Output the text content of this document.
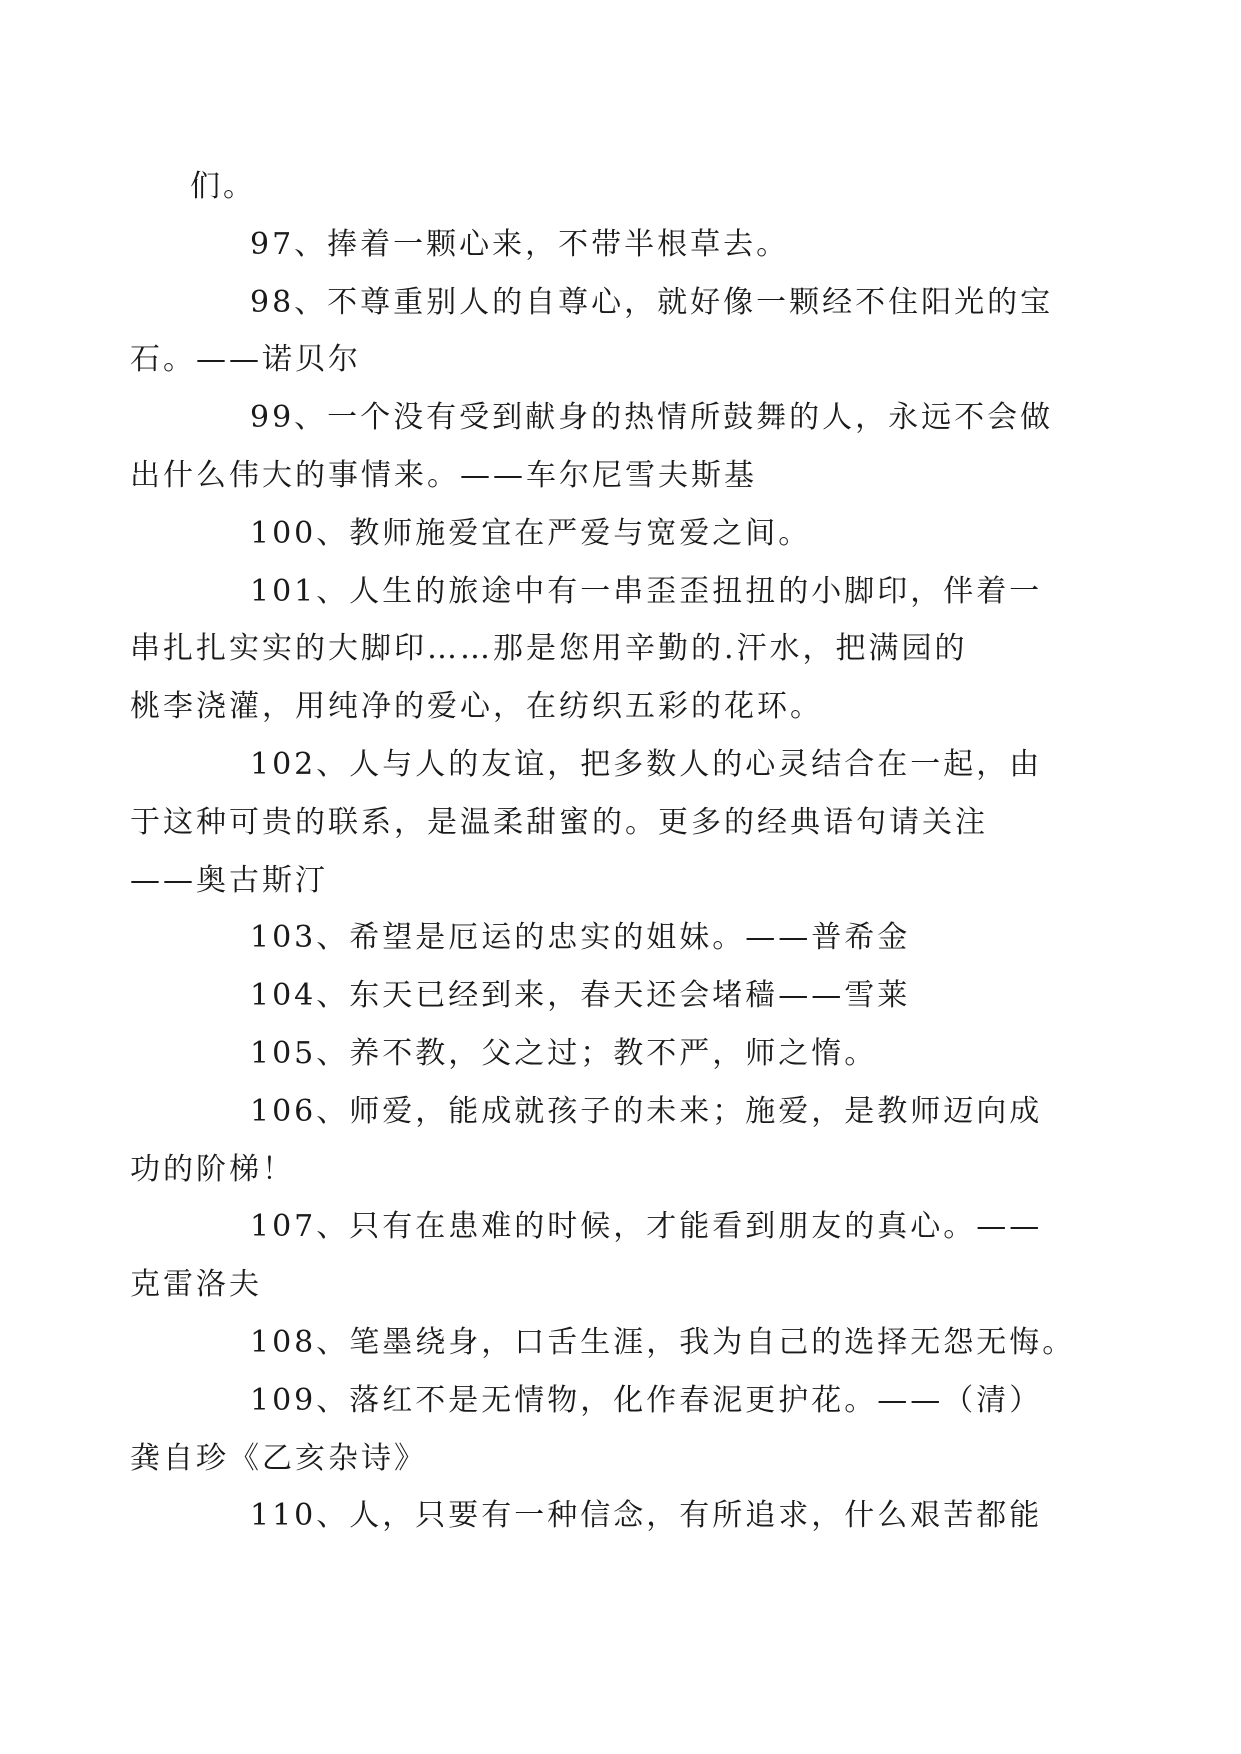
们。

97、捧着一颗心来，不带半根草去。

98、不尊重别人的自尊心，就好像一颗经不住阳光的宝
石。——诺贝尔

99、一个没有受到献身的热情所鼓舞的人，永远不会做
出什么伟大的事情来。——车尔尼雪夫斯基

100、教师施爱宜在严爱与宽爱之间。

101、人生的旅途中有一串歪歪扭扭的小脚印，伴着一
串扎扎实实的大脚印……那是您用辛勤的.汗水，把满园的
桃李浇灌，用纯净的爱心，在纺织五彩的花环。

102、人与人的友谊，把多数人的心灵结合在一起，由
于这种可贵的联系，是温柔甜蜜的。更多的经典语句请关注
——奥古斯汀

103、希望是厄运的忠实的姐妹。——普希金

104、东天已经到来，春天还会堵穑——雪莱

105、养不教，父之过；教不严，师之惰。

106、师爱，能成就孩子的未来；施爱，是教师迈向成
功的阶梯！

107、只有在患难的时候，才能看到朋友的真心。——
克雷洛夫

108、笔墨绕身，口舌生涯，我为自己的选择无怨无悔。

109、落红不是无情物，化作春泥更护花。——（清）
龚自珍《乙亥杂诗》

110、人，只要有一种信念，有所追求，什么艰苦都能
